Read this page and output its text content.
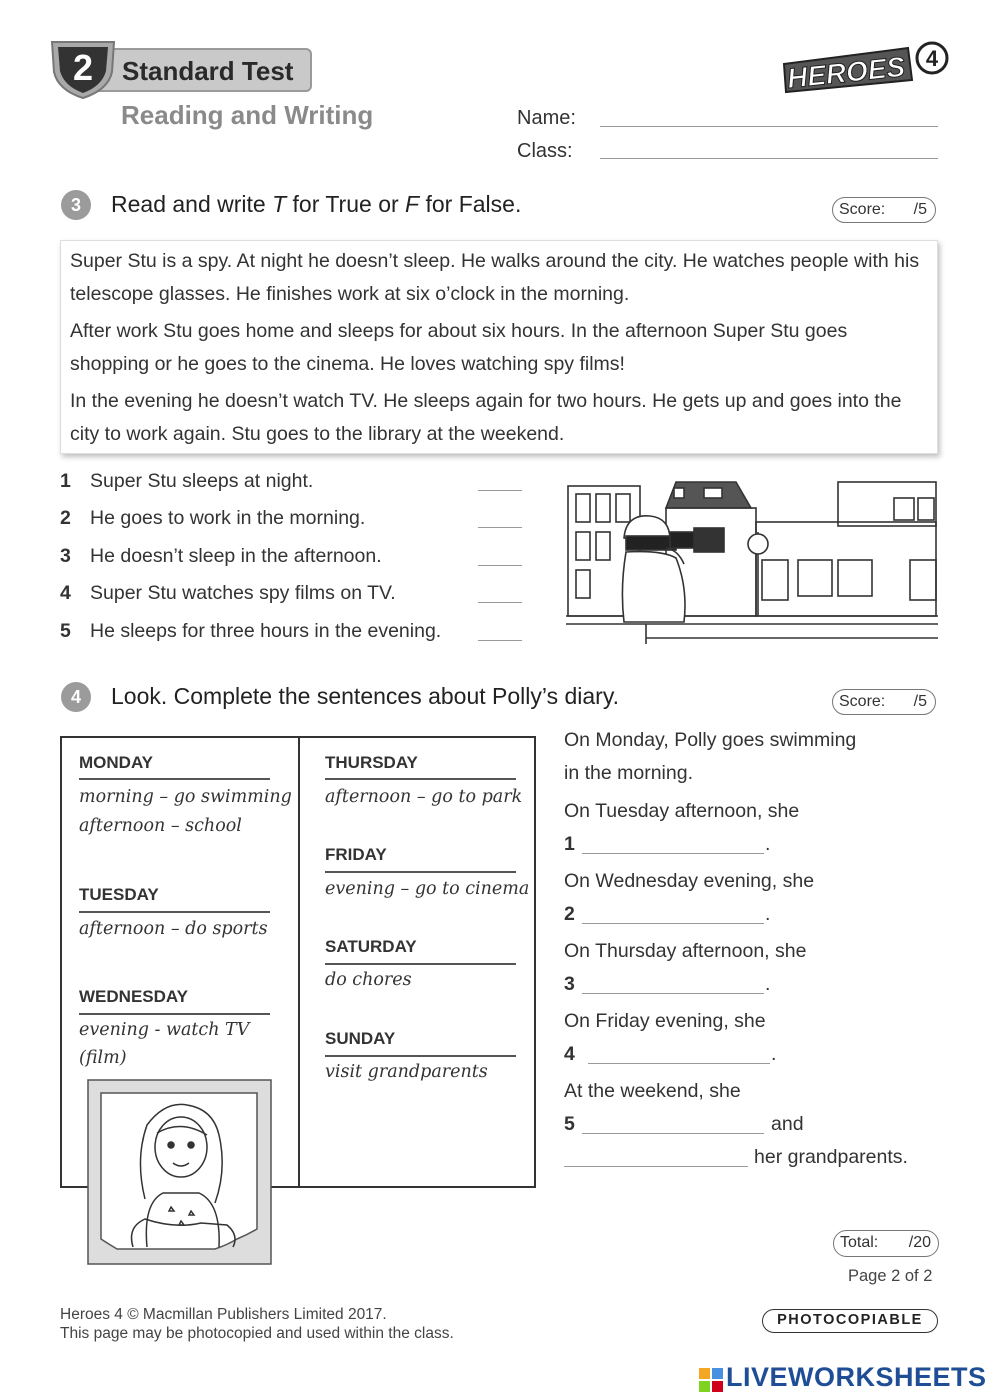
Standard Test
2
Reading and Writing	Name:
Class:
HEROES 4
3	Read and write T for True or F for False.	Score: /5

Super Stu is a spy. At night he doesn’t sleep. He walks around the city. He watches people with his telescope glasses. He finishes work at six o’clock in the morning.

After work Stu goes home and sleeps for about six hours. In the afternoon Super Stu goes shopping or he goes to the cinema. He loves watching spy films!

In the evening he doesn’t watch TV. He sleeps again for two hours. He gets up and goes into the city to work again. Stu goes to the library at the weekend.

1 Super Stu sleeps at night.
2 He goes to work in the morning.
3 He doesn’t sleep in the afternoon.
4 Super Stu watches spy films on TV.
5 He sleeps for three hours in the evening.
4	Look. Complete the sentences about Polly’s diary.	Score: /5
MONDAY
morning – go swimming
afternoon – school
TUESDAY
afternoon – do sports
WEDNESDAY
evening - watch TV
(film)
THURSDAY
afternoon – go to park
FRIDAY
evening – go to cinema
SATURDAY
do chores
SUNDAY
visit grandparents
On Monday, Polly goes swimming
in the morning.
On Tuesday afternoon, she
1	.
On Wednesday evening, she
2	.
On Thursday afternoon, she
3	.
On Friday evening, she
4	.
At the weekend, she
5	and
her grandparents.
Total: /20
Page 2 of 2
Heroes 4 © Macmillan Publishers Limited 2017.
This page may be photocopied and used within the class.
PHOTOCOPIABLE
LIVEWORKSHEETS
